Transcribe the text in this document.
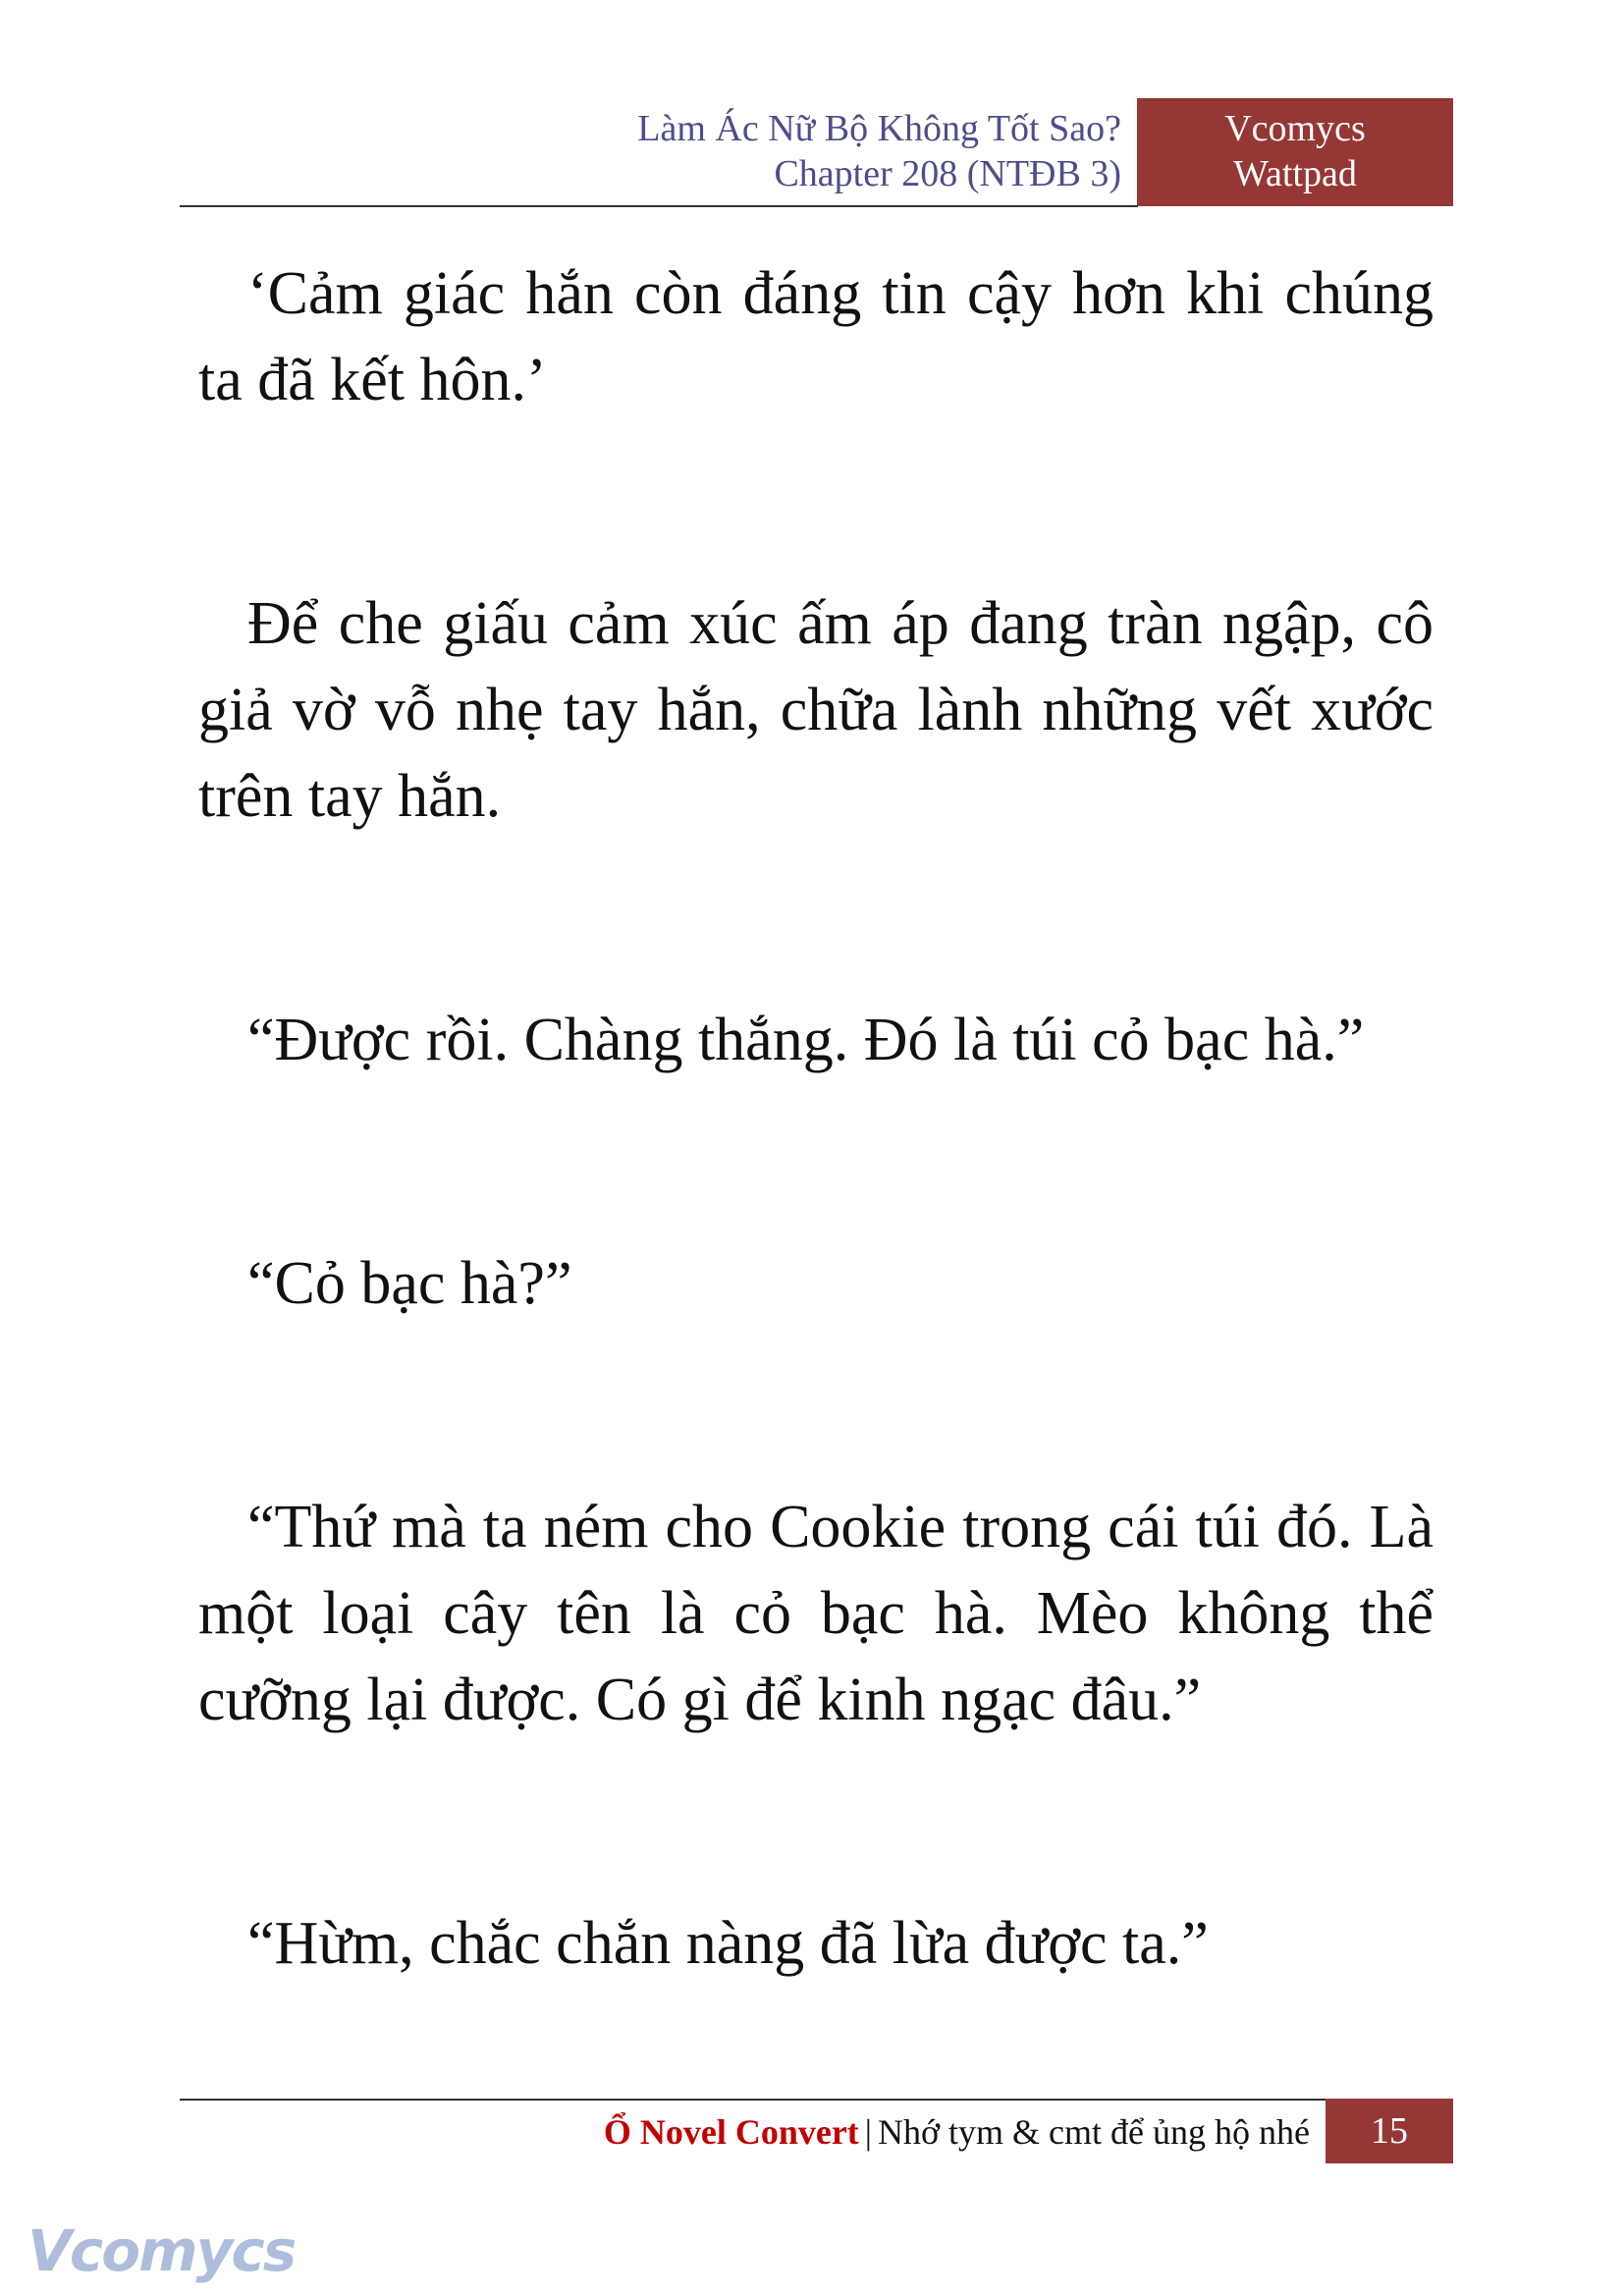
Làm Ác Nữ Bộ Không Tốt Sao?
Chapter 208 (NTĐB 3)
Vcomycs
Wattpad

‘Cảm giác hắn còn đáng tin cậy hơn khi chúng ta đã kết hôn.’

Để che giấu cảm xúc ấm áp đang tràn ngập, cô giả vờ vỗ nhẹ tay hắn, chữa lành những vết xước trên tay hắn.

“Được rồi. Chàng thắng. Đó là túi cỏ bạc hà.”

“Cỏ bạc hà?”

“Thứ mà ta ném cho Cookie trong cái túi đó. Là một loại cây tên là cỏ bạc hà. Mèo không thể cưỡng lại được. Có gì để kinh ngạc đâu.”

“Hừm, chắc chắn nàng đã lừa được ta.”

Ổ Novel Convert | Nhớ tym & cmt để ủng hộ nhé	15
Vcomycs
